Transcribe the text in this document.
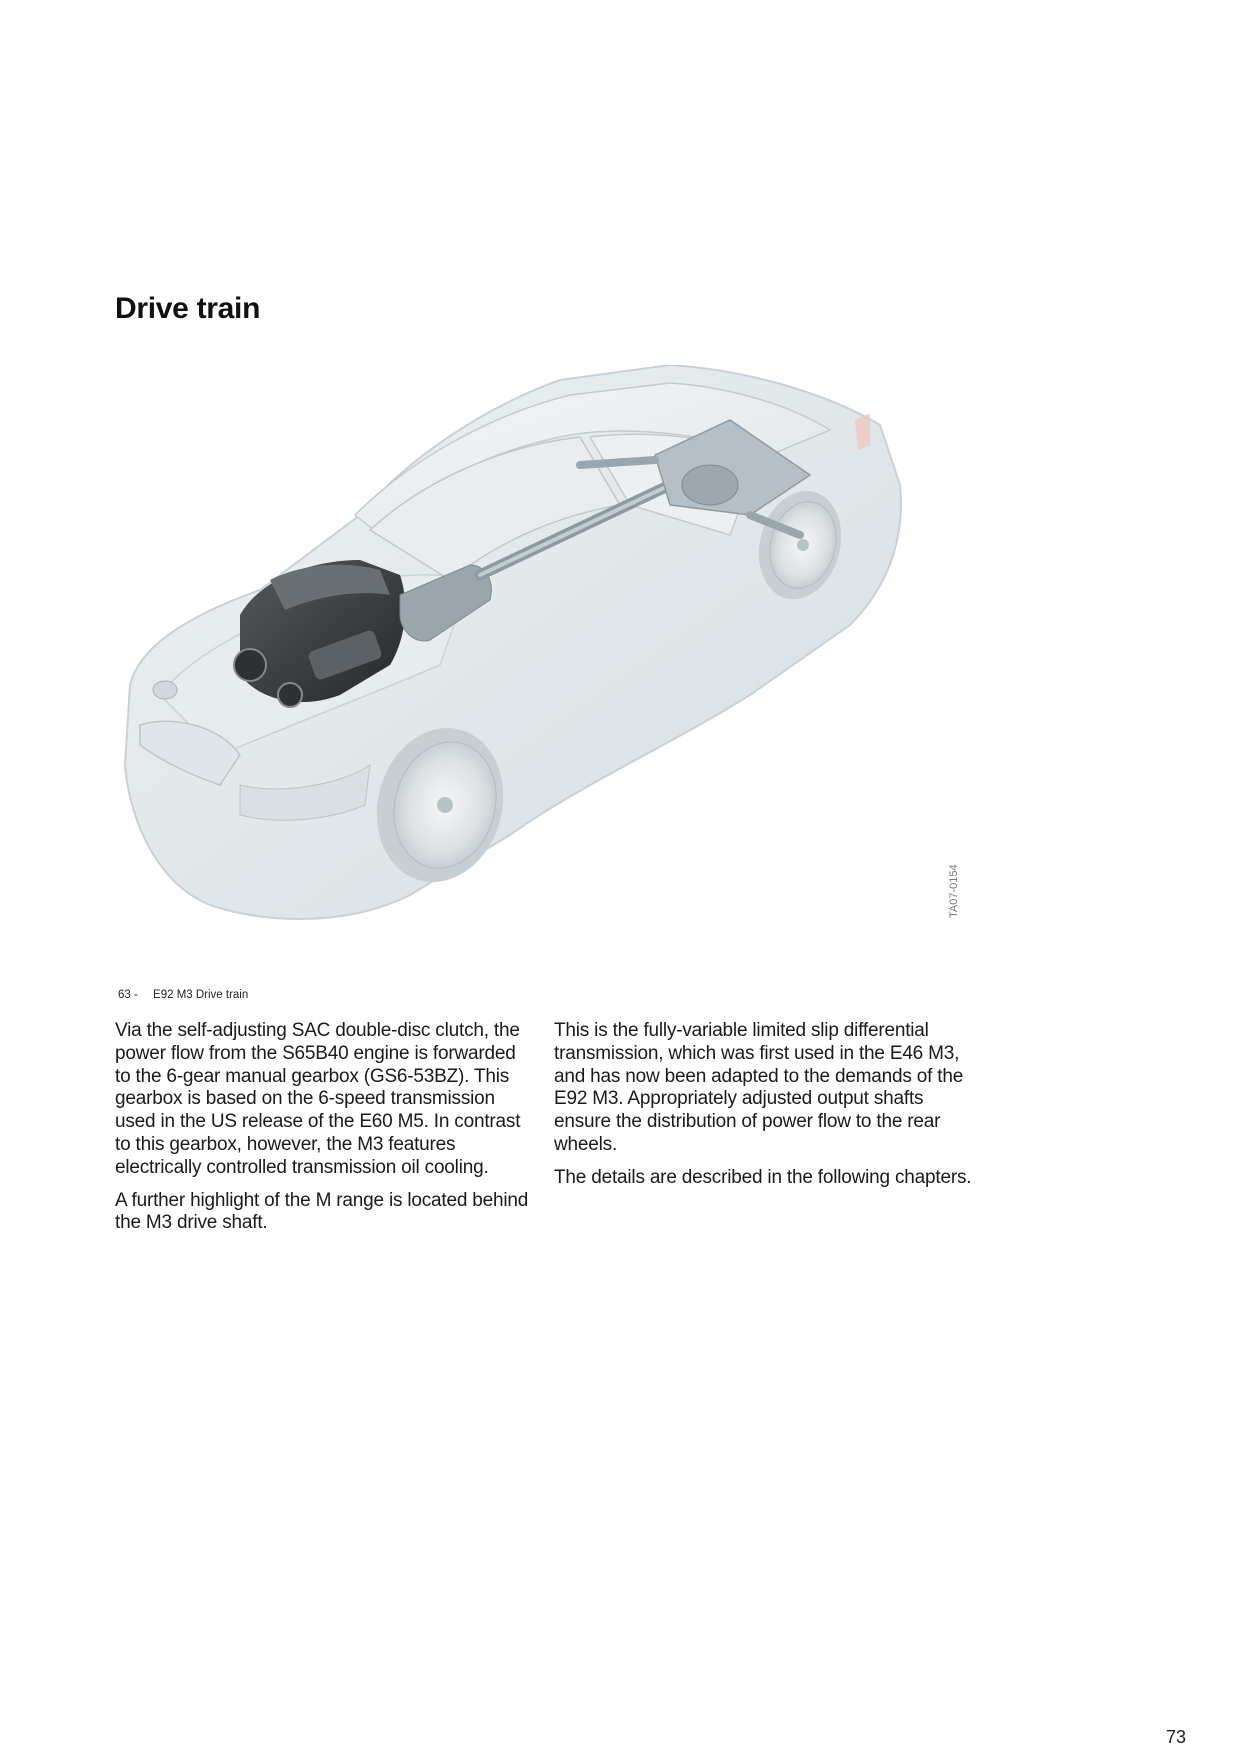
Drive train
TA07-0154
63 - E92 M3 Drive train

Via the self-adjusting SAC double-disc clutch, the power flow from the S65B40 engine is forwarded to the 6-gear manual gearbox (GS6-53BZ). This gearbox is based on the 6-speed transmission used in the US release of the E60 M5. In contrast to this gearbox, however, the M3 features electrically controlled transmission oil cooling.

A further highlight of the M range is located behind the M3 drive shaft.

This is the fully-variable limited slip differential transmission, which was first used in the E46 M3, and has now been adapted to the demands of the E92 M3. Appropriately adjusted output shafts ensure the distribution of power flow to the rear wheels.

The details are described in the following chapters.

73
